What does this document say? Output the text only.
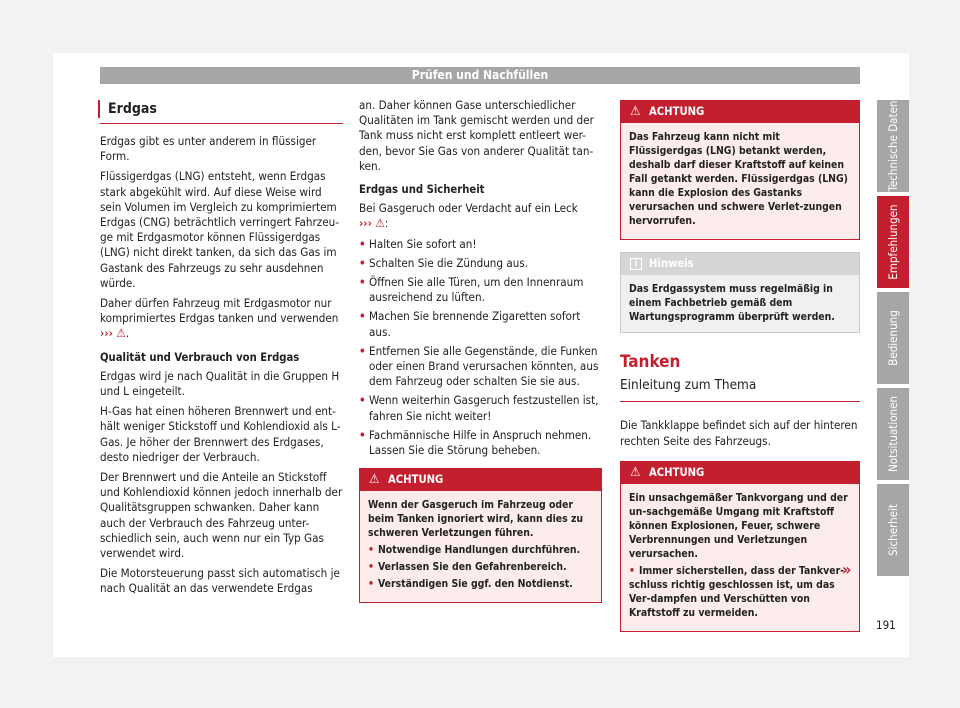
Prüfen und Nachfüllen
Erdgas

Erdgas gibt es unter anderem in flüssiger Form.

Flüssigerdgas (LNG) entsteht, wenn Erdgas stark abgekühlt wird. Auf diese Weise wird sein Volumen im Vergleich zu komprimiertem Erdgas (CNG) beträchtlich verringert Fahrzeu-ge mit Erdgasmotor können Flüssigerdgas (LNG) nicht direkt tanken, da sich das Gas im Gastank des Fahrzeugs zu sehr ausdehnen würde.

Daher dürfen Fahrzeug mit Erdgasmotor nur komprimiertes Erdgas tanken und verwenden ››› ⚠.

Qualität und Verbrauch von Erdgas

Erdgas wird je nach Qualität in die Gruppen H und L eingeteilt.

H-Gas hat einen höheren Brennwert und ent-hält weniger Stickstoff und Kohlendioxid als L-Gas. Je höher der Brennwert des Erdgases, desto niedriger der Verbrauch.

Der Brennwert und die Anteile an Stickstoff und Kohlendioxid können jedoch innerhalb der Qualitätsgruppen schwanken. Daher kann auch der Verbrauch des Fahrzeug unter-schiedlich sein, auch wenn nur ein Typ Gas verwendet wird.

Die Motorsteuerung passt sich automatisch je nach Qualität an das verwendete Erdgas

an. Daher können Gase unterschiedlicher Qualitäten im Tank gemischt werden und der Tank muss nicht erst komplett entleert wer-den, bevor Sie Gas von anderer Qualität tan-ken.

Erdgas und Sicherheit

Bei Gasgeruch oder Verdacht auf ein Leck
››› ⚠:

• Halten Sie sofort an!

• Schalten Sie die Zündung aus.

• Öffnen Sie alle Türen, um den Innenraum ausreichend zu lüften.

• Machen Sie brennende Zigaretten sofort aus.

• Entfernen Sie alle Gegenstände, die Funken oder einen Brand verursachen könnten, aus dem Fahrzeug oder schalten Sie sie aus.

• Wenn weiterhin Gasgeruch festzustellen ist, fahren Sie nicht weiter!

• Fachmännische Hilfe in Anspruch nehmen. Lassen Sie die Störung beheben.

⚠ ACHTUNG

Wenn der Gasgeruch im Fahrzeug oder beim Tanken ignoriert wird, kann dies zu schweren Verletzungen führen.

• Notwendige Handlungen durchführen.

• Verlassen Sie den Gefahrenbereich.

• Verständigen Sie ggf. den Notdienst.

⚠ ACHTUNG

Das Fahrzeug kann nicht mit Flüssigerdgas (LNG) betankt werden, deshalb darf dieser Kraftstoff auf keinen Fall getankt werden. Flüssigerdgas (LNG) kann die Explosion des Gastanks verursachen und schwere Verlet-zungen hervorrufen.

i	Hinweis
Das Erdgassystem muss regelmäßig in einem Fachbetrieb gemäß dem Wartungsprogramm überprüft werden.
Tanken
Einleitung zum Thema

Die Tankklappe befindet sich auf der hinteren rechten Seite des Fahrzeugs.

⚠ ACHTUNG

Ein unsachgemäßer Tankvorgang und der un-sachgemäße Umgang mit Kraftstoff können Explosionen, Feuer, schwere Verbrennungen und Verletzungen verursachen.

• Immer sicherstellen, dass der Tankver-schluss richtig geschlossen ist, um das Ver-dampfen und Verschütten von Kraftstoff zu vermeiden.

»
Technische Daten
Empfehlungen
Bedienung
Notsituationen
Sicherheit
191
